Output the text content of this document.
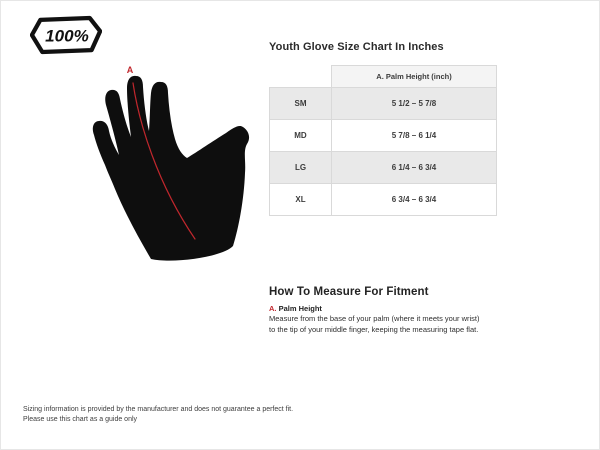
100%
A
Youth Glove Size Chart In Inches
	A. Palm Height (inch)
SM	5 1/2 – 5 7/8
MD	5 7/8 – 6 1/4
LG	6 1/4 – 6 3/4
XL	6 3/4 – 6 3/4
How To Measure For Fitment

A. Palm Height

Measure from the base of your palm (where it meets your wrist) to the tip of your middle finger, keeping the measuring tape flat.

Sizing information is provided by the manufacturer and does not guarantee a perfect fit.
Please use this chart as a guide only
